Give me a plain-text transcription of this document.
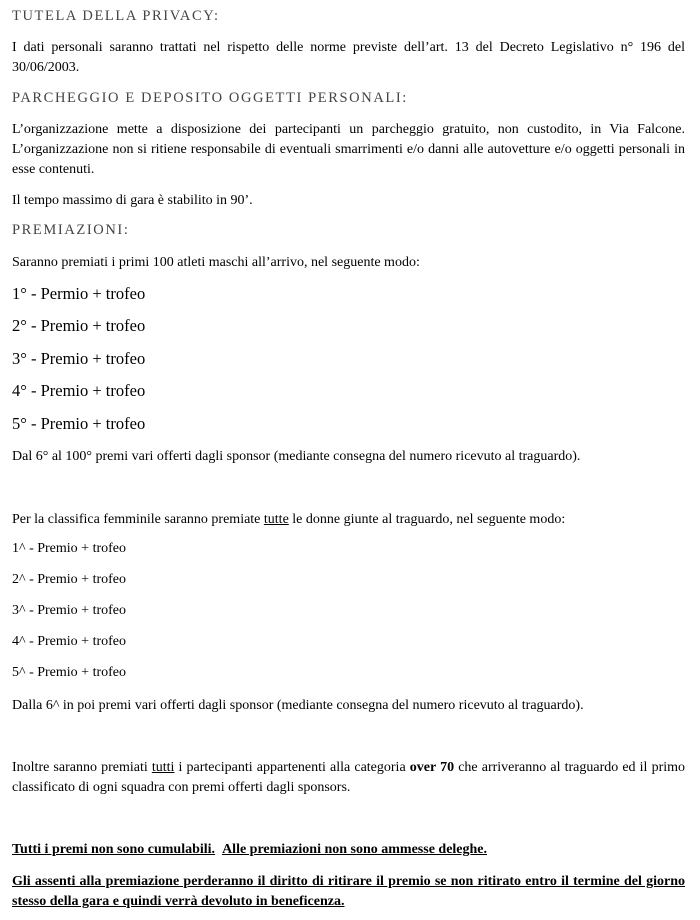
TUTELA DELLA PRIVACY:
I dati personali saranno trattati nel rispetto delle norme previste dell’art. 13 del Decreto Legislativo n° 196 del 30/06/2003.
PARCHEGGIO E DEPOSITO OGGETTI PERSONALI:
L’organizzazione mette a disposizione dei partecipanti un parcheggio gratuito, non custodito, in Via Falcone. L’organizzazione non si ritiene responsabile di eventuali smarrimenti e/o danni alle autovetture e/o oggetti personali in esse contenuti.
Il tempo massimo di gara è stabilito in 90’.
PREMIAZIONI:
Saranno premiati i primi 100 atleti maschi all’arrivo, nel seguente modo:
1° - Permio + trofeo
2° - Premio + trofeo
3° - Premio + trofeo
4° - Premio + trofeo
5° - Premio + trofeo
Dal 6° al 100° premi vari offerti dagli sponsor (mediante consegna del numero ricevuto al traguardo).
Per la classifica femminile saranno premiate tutte le donne giunte al traguardo, nel seguente modo:
1^ - Premio + trofeo
2^ - Premio + trofeo
3^ - Premio + trofeo
4^ - Premio + trofeo
5^ - Premio + trofeo
Dalla 6^ in poi premi vari offerti dagli sponsor (mediante consegna del numero ricevuto al traguardo).
Inoltre saranno premiati tutti i partecipanti appartenenti alla categoria over 70 che arriveranno al traguardo ed il primo classificato di ogni squadra con premi offerti dagli sponsors.
Tutti i premi non sono cumulabili. Alle premiazioni non sono ammesse deleghe.
Gli assenti alla premiazione perderanno il diritto di ritirare il premio se non ritirato entro il termine del giorno stesso della gara e quindi verrà devoluto in beneficenza.
